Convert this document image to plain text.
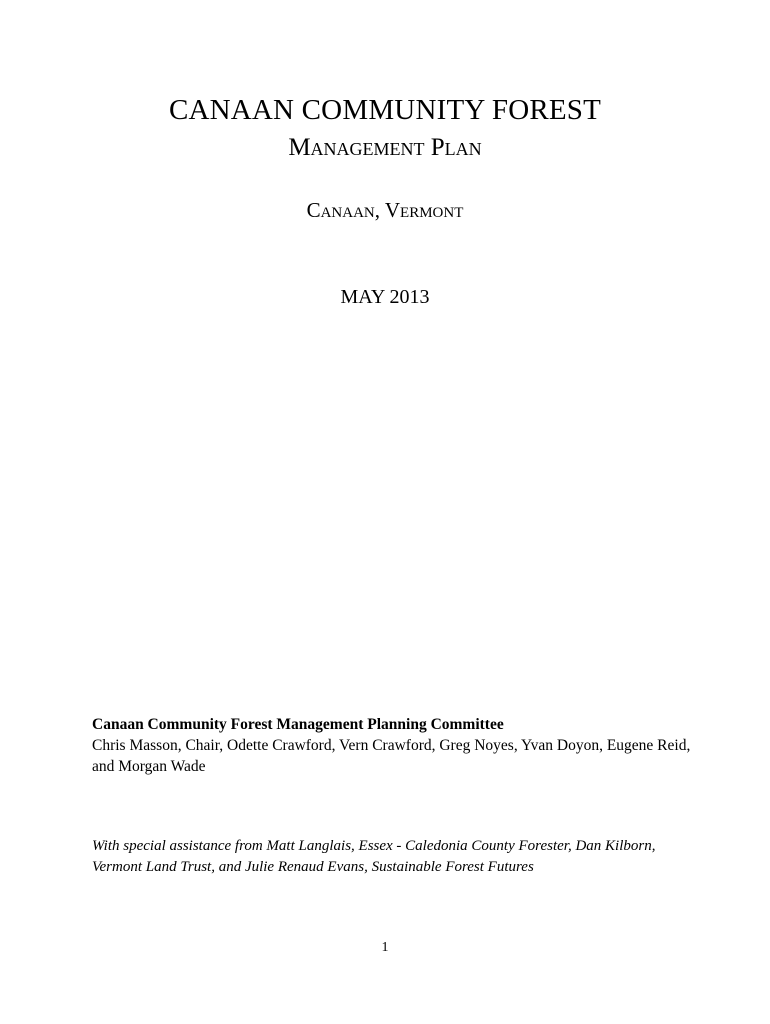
CANAAN COMMUNITY FOREST
Management Plan
Canaan, Vermont
MAY 2013
Canaan Community Forest Management Planning Committee
Chris Masson, Chair, Odette Crawford, Vern Crawford, Greg Noyes, Yvan Doyon, Eugene Reid, and Morgan Wade
With special assistance from Matt Langlais, Essex - Caledonia County Forester, Dan Kilborn, Vermont Land Trust, and Julie Renaud Evans, Sustainable Forest Futures
1
